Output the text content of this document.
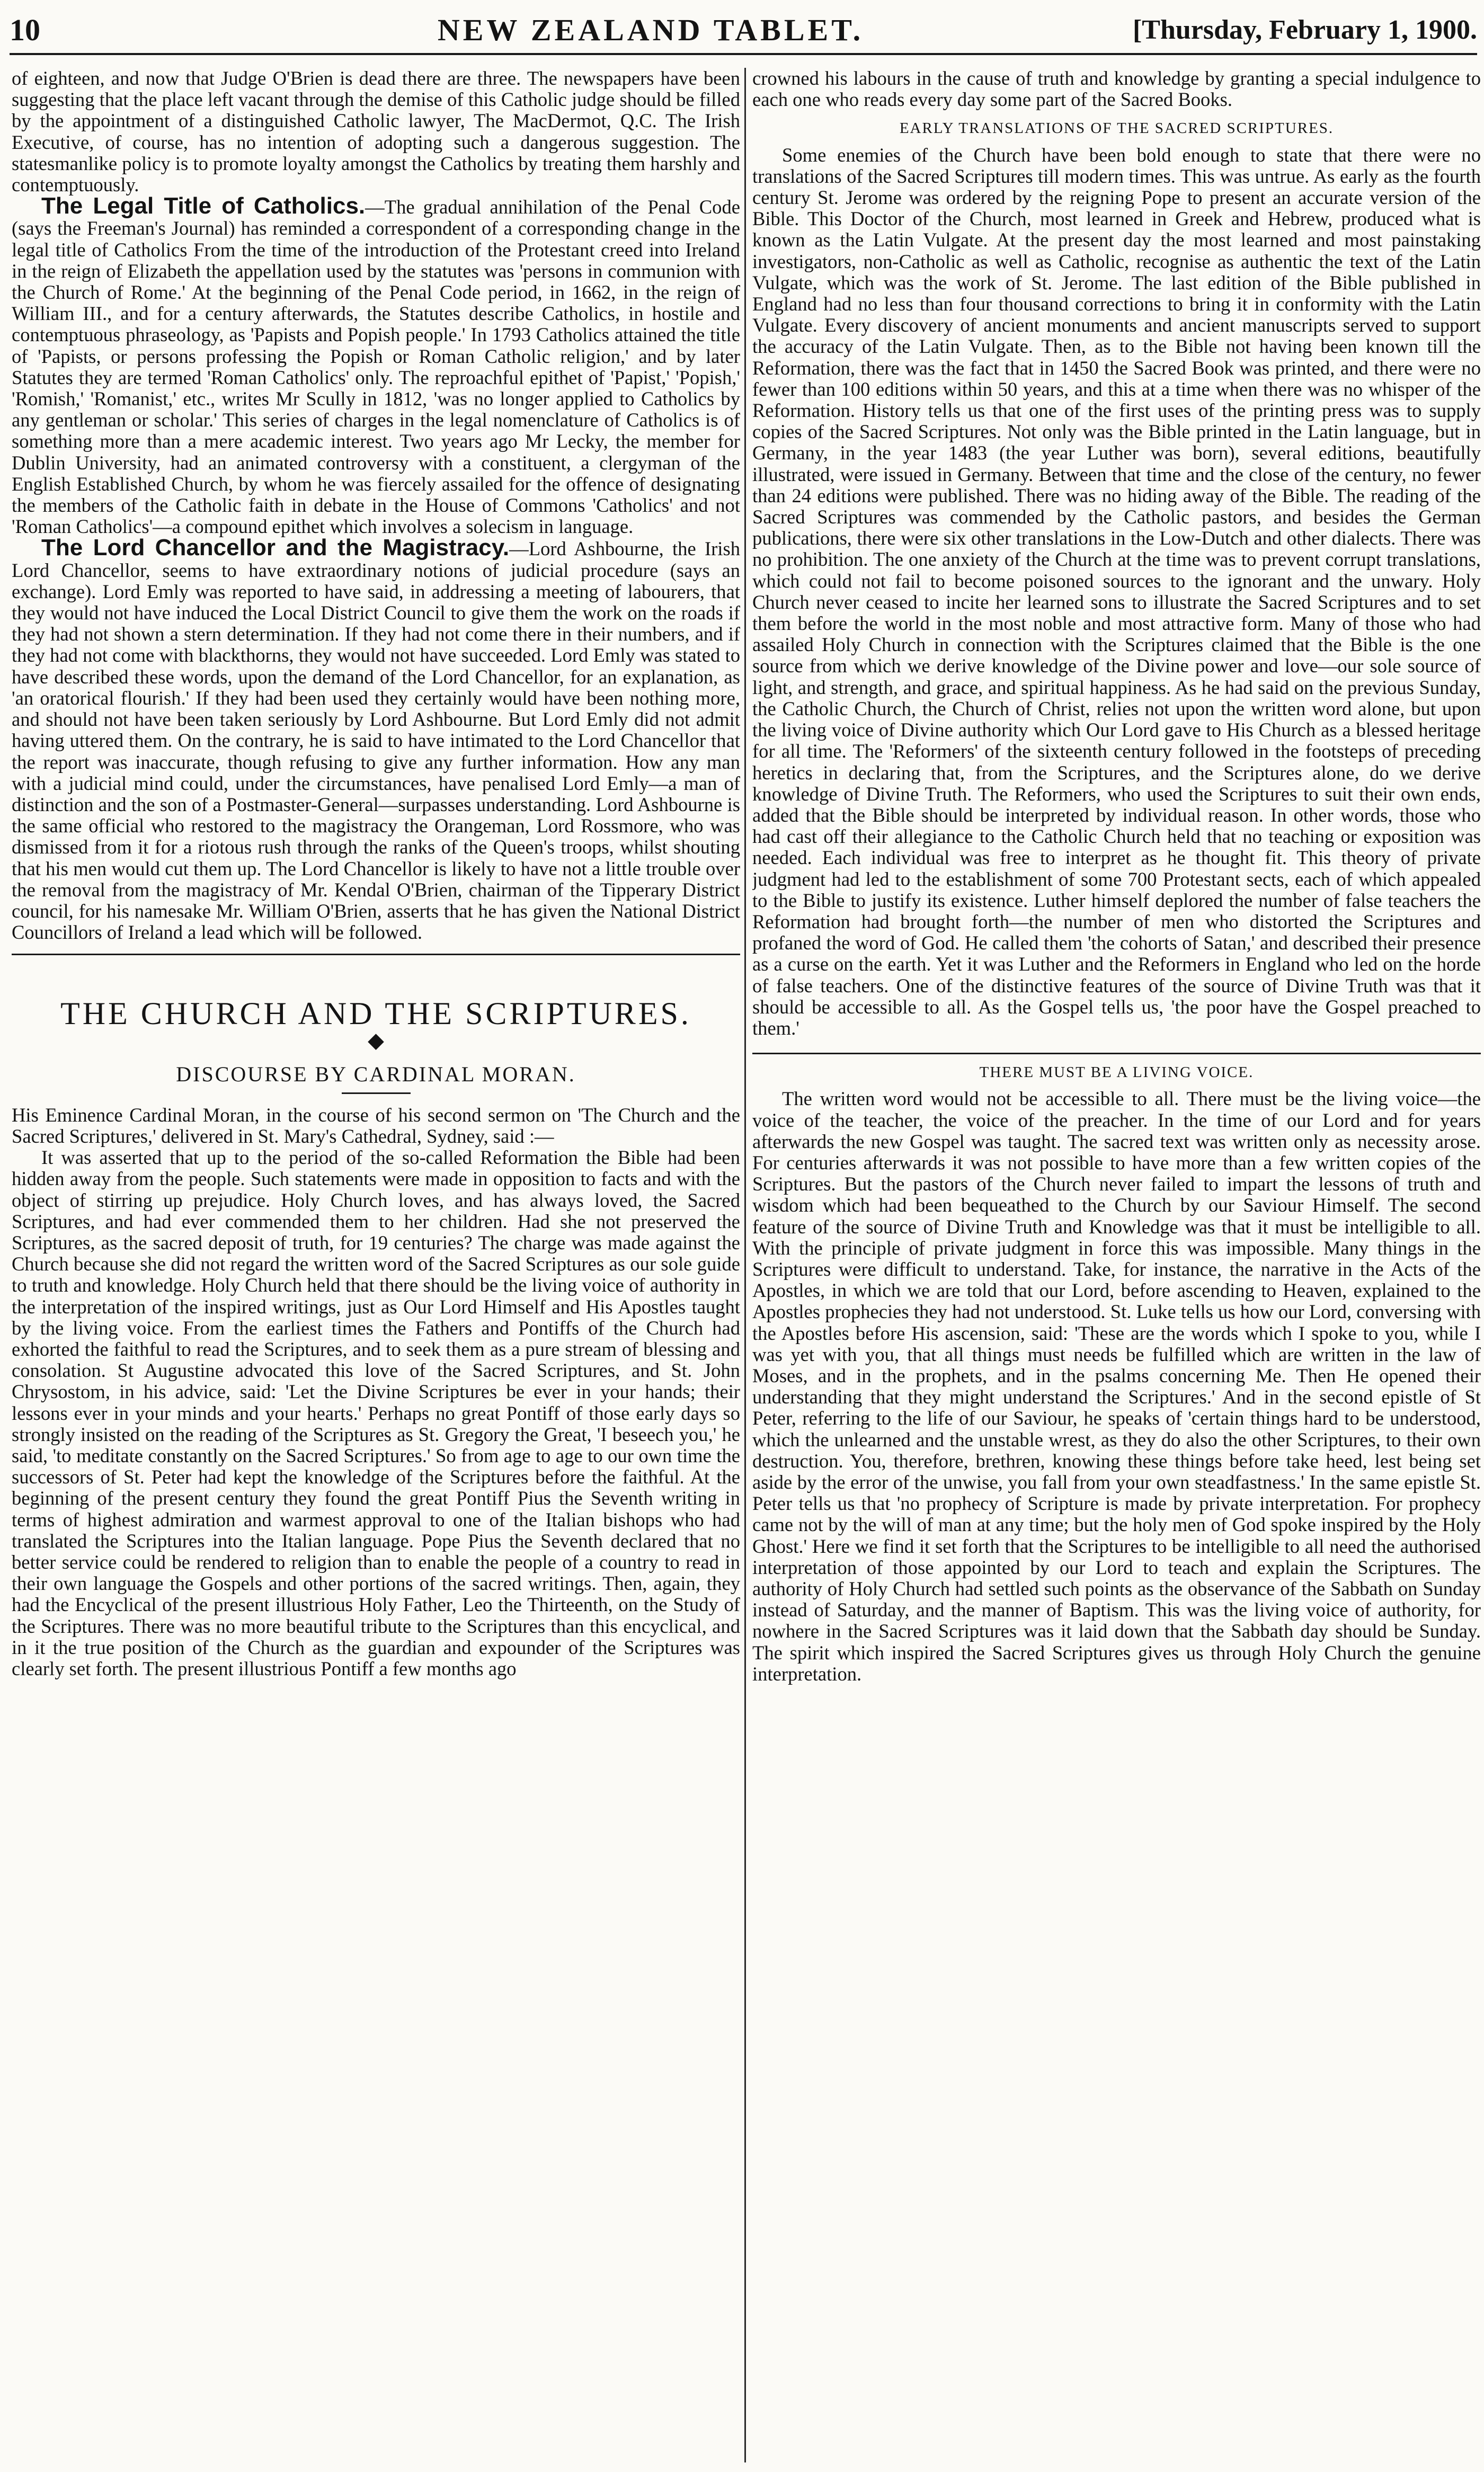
10	NEW ZEALAND TABLET.	[Thursday, February 1, 1900.

of eighteen, and now that Judge O'Brien is dead there are three. The newspapers have been suggesting that the place left vacant through the demise of this Catholic judge should be filled by the appointment of a distinguished Catholic lawyer, The MacDermot, Q.C. The Irish Executive, of course, has no intention of adopting such a dangerous suggestion. The statesmanlike policy is to promote loyalty amongst the Catholics by treating them harshly and contemptuously.

The Legal Title of Catholics.—The gradual annihilation of the Penal Code (says the Freeman's Journal) has reminded a correspondent of a corresponding change in the legal title of Catholics From the time of the introduction of the Protestant creed into Ireland in the reign of Elizabeth the appellation used by the statutes was 'persons in communion with the Church of Rome.' At the beginning of the Penal Code period, in 1662, in the reign of William III., and for a century afterwards, the Statutes describe Catholics, in hostile and contemptuous phraseology, as 'Papists and Popish people.' In 1793 Catholics attained the title of 'Papists, or persons professing the Popish or Roman Catholic religion,' and by later Statutes they are termed 'Roman Catholics' only. The reproachful epithet of 'Papist,' 'Popish,' 'Romish,' 'Romanist,' etc., writes Mr Scully in 1812, 'was no longer applied to Catholics by any gentleman or scholar.' This series of charges in the legal nomenclature of Catholics is of something more than a mere academic interest. Two years ago Mr Lecky, the member for Dublin University, had an animated controversy with a constituent, a clergyman of the English Established Church, by whom he was fiercely assailed for the offence of designating the members of the Catholic faith in debate in the House of Commons 'Catholics' and not 'Roman Catholics'—a compound epithet which involves a solecism in language.

The Lord Chancellor and the Magistracy.—Lord Ashbourne, the Irish Lord Chancellor, seems to have extraordinary notions of judicial procedure (says an exchange). Lord Emly was reported to have said, in addressing a meeting of labourers, that they would not have induced the Local District Council to give them the work on the roads if they had not shown a stern determination. If they had not come there in their numbers, and if they had not come with blackthorns, they would not have succeeded. Lord Emly was stated to have described these words, upon the demand of the Lord Chancellor, for an explanation, as 'an oratorical flourish.' If they had been used they certainly would have been nothing more, and should not have been taken seriously by Lord Ashbourne. But Lord Emly did not admit having uttered them. On the contrary, he is said to have intimated to the Lord Chancellor that the report was inaccurate, though refusing to give any further information. How any man with a judicial mind could, under the circumstances, have penalised Lord Emly—a man of distinction and the son of a Postmaster-General—surpasses understanding. Lord Ashbourne is the same official who restored to the magistracy the Orangeman, Lord Rossmore, who was dismissed from it for a riotous rush through the ranks of the Queen's troops, whilst shouting that his men would cut them up. The Lord Chancellor is likely to have not a little trouble over the removal from the magistracy of Mr. Kendal O'Brien, chairman of the Tipperary District council, for his namesake Mr. William O'Brien, asserts that he has given the National District Councillors of Ireland a lead which will be followed.

THE CHURCH AND THE SCRIPTURES.
◆
DISCOURSE BY CARDINAL MORAN.

His Eminence Cardinal Moran, in the course of his second sermon on 'The Church and the Sacred Scriptures,' delivered in St. Mary's Cathedral, Sydney, said :—

It was asserted that up to the period of the so-called Reformation the Bible had been hidden away from the people. Such statements were made in opposition to facts and with the object of stirring up prejudice. Holy Church loves, and has always loved, the Sacred Scriptures, and had ever commended them to her children. Had she not preserved the Scriptures, as the sacred deposit of truth, for 19 centuries? The charge was made against the Church because she did not regard the written word of the Sacred Scriptures as our sole guide to truth and knowledge. Holy Church held that there should be the living voice of authority in the interpretation of the inspired writings, just as Our Lord Himself and His Apostles taught by the living voice. From the earliest times the Fathers and Pontiffs of the Church had exhorted the faithful to read the Scriptures, and to seek them as a pure stream of blessing and consolation. St Augustine advocated this love of the Sacred Scriptures, and St. John Chrysostom, in his advice, said: 'Let the Divine Scriptures be ever in your hands; their lessons ever in your minds and your hearts.' Perhaps no great Pontiff of those early days so strongly insisted on the reading of the Scriptures as St. Gregory the Great, 'I beseech you,' he said, 'to meditate constantly on the Sacred Scriptures.' So from age to age to our own time the successors of St. Peter had kept the knowledge of the Scriptures before the faithful. At the beginning of the present century they found the great Pontiff Pius the Seventh writing in terms of highest admiration and warmest approval to one of the Italian bishops who had translated the Scriptures into the Italian language. Pope Pius the Seventh declared that no better service could be rendered to religion than to enable the people of a country to read in their own language the Gospels and other portions of the sacred writings. Then, again, they had the Encyclical of the present illustrious Holy Father, Leo the Thirteenth, on the Study of the Scriptures. There was no more beautiful tribute to the Scriptures than this encyclical, and in it the true position of the Church as the guardian and expounder of the Scriptures was clearly set forth. The present illustrious Pontiff a few months ago

crowned his labours in the cause of truth and knowledge by granting a special indulgence to each one who reads every day some part of the Sacred Books.

EARLY TRANSLATIONS OF THE SACRED SCRIPTURES.

Some enemies of the Church have been bold enough to state that there were no translations of the Sacred Scriptures till modern times. This was untrue. As early as the fourth century St. Jerome was ordered by the reigning Pope to present an accurate version of the Bible. This Doctor of the Church, most learned in Greek and Hebrew, produced what is known as the Latin Vulgate. At the present day the most learned and most painstaking investigators, non-Catholic as well as Catholic, recognise as authentic the text of the Latin Vulgate, which was the work of St. Jerome. The last edition of the Bible published in England had no less than four thousand corrections to bring it in conformity with the Latin Vulgate. Every discovery of ancient monuments and ancient manuscripts served to support the accuracy of the Latin Vulgate. Then, as to the Bible not having been known till the Reformation, there was the fact that in 1450 the Sacred Book was printed, and there were no fewer than 100 editions within 50 years, and this at a time when there was no whisper of the Reformation. History tells us that one of the first uses of the printing press was to supply copies of the Sacred Scriptures. Not only was the Bible printed in the Latin language, but in Germany, in the year 1483 (the year Luther was born), several editions, beautifully illustrated, were issued in Germany. Between that time and the close of the century, no fewer than 24 editions were published. There was no hiding away of the Bible. The reading of the Sacred Scriptures was commended by the Catholic pastors, and besides the German publications, there were six other translations in the Low-Dutch and other dialects. There was no prohibition. The one anxiety of the Church at the time was to prevent corrupt translations, which could not fail to become poisoned sources to the ignorant and the unwary. Holy Church never ceased to incite her learned sons to illustrate the Sacred Scriptures and to set them before the world in the most noble and most attractive form. Many of those who had assailed Holy Church in connection with the Scriptures claimed that the Bible is the one source from which we derive knowledge of the Divine power and love—our sole source of light, and strength, and grace, and spiritual happiness. As he had said on the previous Sunday, the Catholic Church, the Church of Christ, relies not upon the written word alone, but upon the living voice of Divine authority which Our Lord gave to His Church as a blessed heritage for all time. The 'Reformers' of the sixteenth century followed in the footsteps of preceding heretics in declaring that, from the Scriptures, and the Scriptures alone, do we derive knowledge of Divine Truth. The Reformers, who used the Scriptures to suit their own ends, added that the Bible should be interpreted by individual reason. In other words, those who had cast off their allegiance to the Catholic Church held that no teaching or exposition was needed. Each individual was free to interpret as he thought fit. This theory of private judgment had led to the establishment of some 700 Protestant sects, each of which appealed to the Bible to justify its existence. Luther himself deplored the number of false teachers the Reformation had brought forth—the number of men who distorted the Scriptures and profaned the word of God. He called them 'the cohorts of Satan,' and described their presence as a curse on the earth. Yet it was Luther and the Reformers in England who led on the horde of false teachers. One of the distinctive features of the source of Divine Truth was that it should be accessible to all. As the Gospel tells us, 'the poor have the Gospel preached to them.'

THERE MUST BE A LIVING VOICE.

The written word would not be accessible to all. There must be the living voice—the voice of the teacher, the voice of the preacher. In the time of our Lord and for years afterwards the new Gospel was taught. The sacred text was written only as necessity arose. For centuries afterwards it was not possible to have more than a few written copies of the Scriptures. But the pastors of the Church never failed to impart the lessons of truth and wisdom which had been bequeathed to the Church by our Saviour Himself. The second feature of the source of Divine Truth and Knowledge was that it must be intelligible to all. With the principle of private judgment in force this was impossible. Many things in the Scriptures were difficult to understand. Take, for instance, the narrative in the Acts of the Apostles, in which we are told that our Lord, before ascending to Heaven, explained to the Apostles prophecies they had not understood. St. Luke tells us how our Lord, conversing with the Apostles before His ascension, said: 'These are the words which I spoke to you, while I was yet with you, that all things must needs be fulfilled which are written in the law of Moses, and in the prophets, and in the psalms concerning Me. Then He opened their understanding that they might understand the Scriptures.' And in the second epistle of St Peter, referring to the life of our Saviour, he speaks of 'certain things hard to be understood, which the unlearned and the unstable wrest, as they do also the other Scriptures, to their own destruction. You, therefore, brethren, knowing these things before take heed, lest being set aside by the error of the unwise, you fall from your own steadfastness.' In the same epistle St. Peter tells us that 'no prophecy of Scripture is made by private interpretation. For prophecy came not by the will of man at any time; but the holy men of God spoke inspired by the Holy Ghost.' Here we find it set forth that the Scriptures to be intelligible to all need the authorised interpretation of those appointed by our Lord to teach and explain the Scriptures. The authority of Holy Church had settled such points as the observance of the Sabbath on Sunday instead of Saturday, and the manner of Baptism. This was the living voice of authority, for nowhere in the Sacred Scriptures was it laid down that the Sabbath day should be Sunday. The spirit which inspired the Sacred Scriptures gives us through Holy Church the genuine interpretation.
